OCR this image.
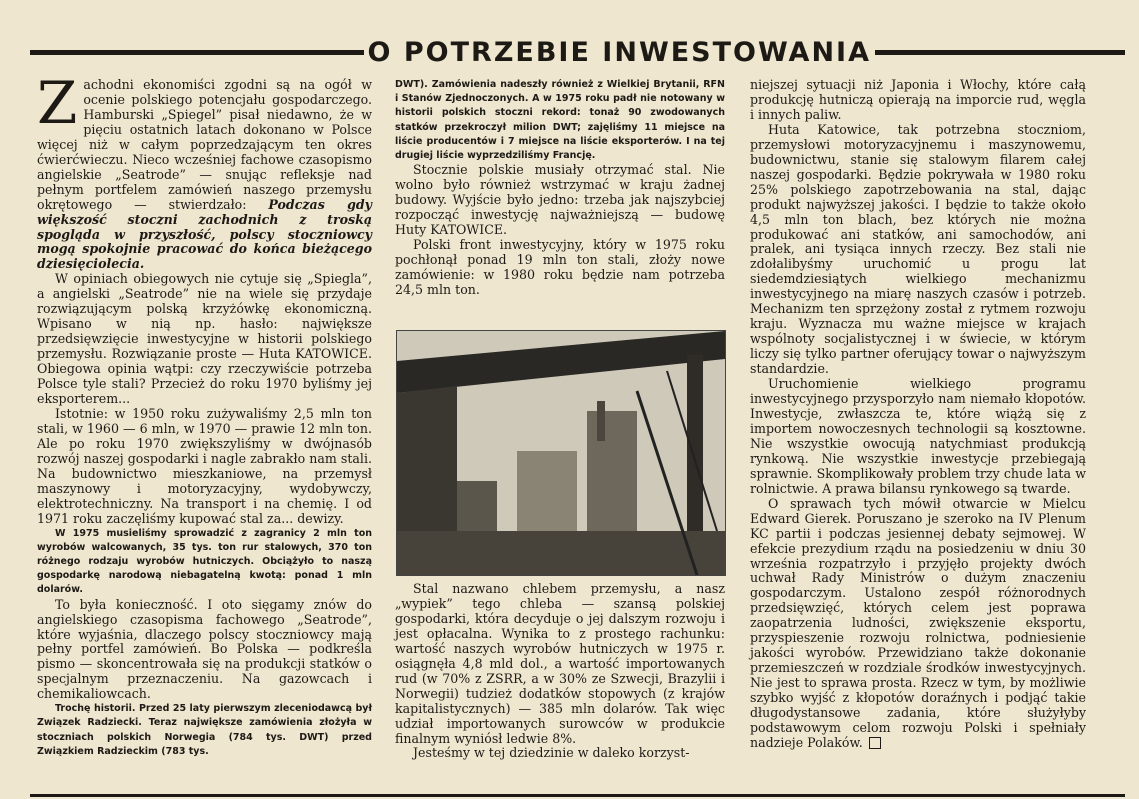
O POTRZEBIE INWESTOWANIA

Zachodni ekonomiści zgodni są na ogół w ocenie polskiego potencjału gospodarczego. Hamburski „Spiegel” pisał niedawno, że w pięciu ostatnich latach dokonano w Polsce więcej niż w całym poprzedzającym ten okres ćwierćwieczu. Nieco wcześniej fachowe czasopismo angielskie „Seatrode” — snując refleksje nad pełnym portfelem zamówień naszego przemysłu okrętowego — stwierdzało: Podczas gdy większość stoczni zachodnich z troską spogląda w przyszłość, polscy stoczniowcy mogą spokojnie pracować do końca bieżącego dziesięciolecia.

W opiniach obiegowych nie cytuje się „Spiegla”, a angielski „Seatrode” nie na wiele się przydaje rozwiązującym polską krzyżówkę ekonomiczną. Wpisano w nią np. hasło: największe przedsięwzięcie inwestycyjne w historii polskiego przemysłu. Rozwiązanie proste — Huta KATOWICE. Obiegowa opinia wątpi: czy rzeczywiście potrzeba Polsce tyle stali? Przecież do roku 1970 byliśmy jej eksporterem...

Istotnie: w 1950 roku zużywaliśmy 2,5 mln ton stali, w 1960 — 6 mln, w 1970 — prawie 12 mln ton. Ale po roku 1970 zwiększyliśmy w dwójnasób rozwój naszej gospodarki i nagle zabrakło nam stali. Na budownictwo mieszkaniowe, na przemysł maszynowy i motoryzacyjny, wydobywczy, elektrotechniczny. Na transport i na chemię. I od 1971 roku zaczęliśmy kupować stal za... dewizy.

W 1975 musieliśmy sprowadzić z zagranicy 2 mln ton wyrobów walcowanych, 35 tys. ton rur stalowych, 370 ton różnego rodzaju wyrobów hutniczych. Obciążyło to naszą gospodarkę narodową niebagatelną kwotą: ponad 1 mln dolarów.

To była konieczność. I oto sięgamy znów do angielskiego czasopisma fachowego „Seatrode”, które wyjaśnia, dlaczego polscy stoczniowcy mają pełny portfel zamówień. Bo Polska — podkreśla pismo — skoncentrowała się na produkcji statków o specjalnym przeznaczeniu. Na gazowcach i chemikaliowcach.

Trochę historii. Przed 25 laty pierwszym zleceniodawcą był Związek Radziecki. Teraz największe zamówienia złożyła w stoczniach polskich Norwegia (784 tys. DWT) przed Związkiem Radzieckim (783 tys.

DWT). Zamówienia nadeszły również z Wielkiej Brytanii, RFN i Stanów Zjednoczonych. A w 1975 roku padł nie notowany w historii polskich stoczni rekord: tonaż 90 zwodowanych statków przekroczył milion DWT; zajęliśmy 11 miejsce na liście producentów i 7 miejsce na liście eksporterów. I na tej drugiej liście wyprzedziliśmy Francję.

Stocznie polskie musiały otrzymać stal. Nie wolno było również wstrzymać w kraju żadnej budowy. Wyjście było jedno: trzeba jak najszybciej rozpocząć inwestycję najważniejszą — budowę Huty KATOWICE.

Polski front inwestycyjny, który w 1975 roku pochłonął ponad 19 mln ton stali, złoży nowe zamówienie: w 1980 roku będzie nam potrzeba 24,5 mln ton.

Stal nazwano chlebem przemysłu, a nasz „wypiek” tego chleba — szansą polskiej gospodarki, która decyduje o jej dalszym rozwoju i jest opłacalna. Wynika to z prostego rachunku: wartość naszych wyrobów hutniczych w 1975 r. osiągnęła 4,8 mld dol., a wartość importowanych rud (w 70% z ZSRR, a w 30% ze Szwecji, Brazylii i Norwegii) tudzież dodatków stopowych (z krajów kapitalistycznych) — 385 mln dolarów. Tak więc udział importowanych surowców w produkcie finalnym wyniósł ledwie 8%.

Jesteśmy w tej dziedzinie w daleko korzyst-

niejszej sytuacji niż Japonia i Włochy, które całą produkcję hutniczą opierają na imporcie rud, węgla i innych paliw.

Huta Katowice, tak potrzebna stoczniom, przemysłowi motoryzacyjnemu i maszynowemu, budownictwu, stanie się stalowym filarem całej naszej gospodarki. Będzie pokrywała w 1980 roku 25% polskiego zapotrzebowania na stal, dając produkt najwyższej jakości. I będzie to także około 4,5 mln ton blach, bez których nie można produkować ani statków, ani samochodów, ani pralek, ani tysiąca innych rzeczy. Bez stali nie zdołalibyśmy uruchomić u progu lat siedemdziesiątych wielkiego mechanizmu inwestycyjnego na miarę naszych czasów i potrzeb. Mechanizm ten sprzężony został z rytmem rozwoju kraju. Wyznacza mu ważne miejsce w krajach wspólnoty socjalistycznej i w świecie, w którym liczy się tylko partner oferujący towar o najwyższym standardzie.

Uruchomienie wielkiego programu inwestycyjnego przysporzyło nam niemało kłopotów. Inwestycje, zwłaszcza te, które wiążą się z importem nowoczesnych technologii są kosztowne. Nie wszystkie owocują natychmiast produkcją rynkową. Nie wszystkie inwestycje przebiegają sprawnie. Skomplikowały problem trzy chude lata w rolnictwie. A prawa bilansu rynkowego są twarde.

O sprawach tych mówił otwarcie w Mielcu Edward Gierek. Poruszano je szeroko na IV Plenum KC partii i podczas jesiennej debaty sejmowej. W efekcie prezydium rządu na posiedzeniu w dniu 30 września rozpatrzyło i przyjęło projekty dwóch uchwał Rady Ministrów o dużym znaczeniu gospodarczym. Ustalono zespół różnorodnych przedsięwzięć, których celem jest poprawa zaopatrzenia ludności, zwiększenie eksportu, przyspieszenie rozwoju rolnictwa, podniesienie jakości wyrobów. Przewidziano także dokonanie przemieszczeń w rozdziale środków inwestycyjnych. Nie jest to sprawa prosta. Rzecz w tym, by możliwie szybko wyjść z kłopotów doraźnych i podjąć takie długodystansowe zadania, które służyłyby podstawowym celom rozwoju Polski i spełniały nadzieje Polaków.
